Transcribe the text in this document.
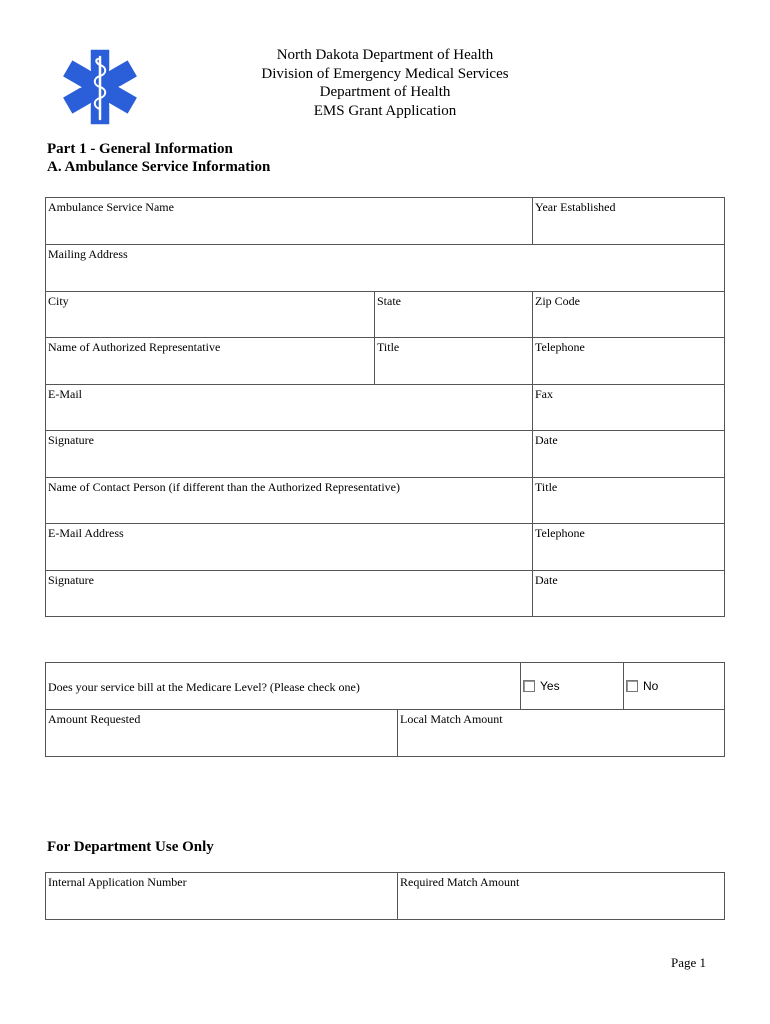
North Dakota Department of Health
Division of Emergency Medical Services
Department of Health
EMS Grant Application
Part 1 - General Information
A. Ambulance Service Information
Ambulance Service Name	Year Established
Mailing Address
City	State	Zip Code
Name of Authorized Representative	Title	Telephone
E-Mail	Fax
Signature	Date
Name of Contact Person (if different than the Authorized Representative)	Title
E-Mail Address	Telephone
Signature	Date
Does your service bill at the Medicare Level? (Please check one)	Yes	No
Amount Requested	Local Match Amount
For Department Use Only
Internal Application Number	Required Match Amount
Page 1
